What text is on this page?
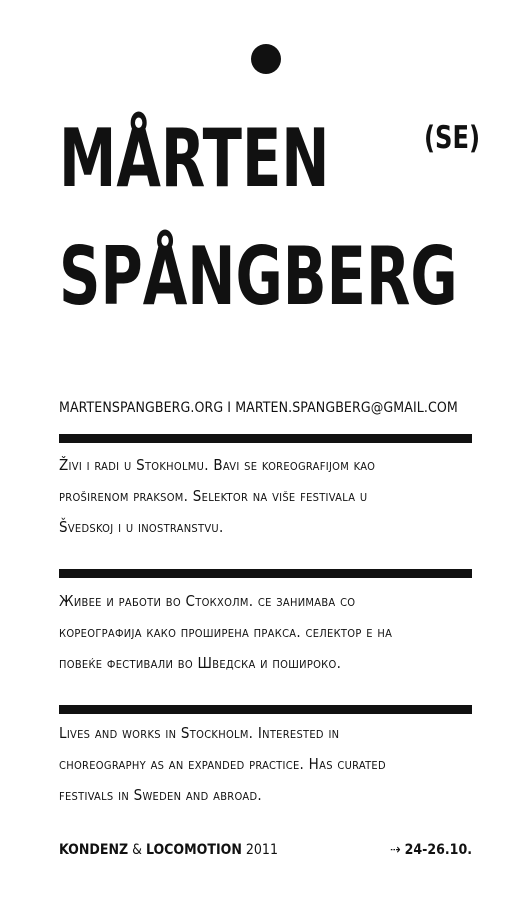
MÅRTEN
SPÅNGBERG
(SE)
MARTENSPANGBERG.ORG I MARTEN.SPANGBERG@GMAIL.COM

Živi i radi u Stokholmu. Bavi se koreografijom kao
proširenom praksom. Selektor na više festivala u
Švedskoj i u inostranstvu.

Живее и работи во Стокхолм. се занимава со
кореографија како проширена пракса. селектор е на
повеќе фестивали во Шведска и пошироко.

Lives and works in Stockholm. Interested in
choreography as an expanded practice. Has curated
festivals in Sweden and abroad.

KONDENZ & LOCOMOTION 2011	⇢ 24-26.10.
